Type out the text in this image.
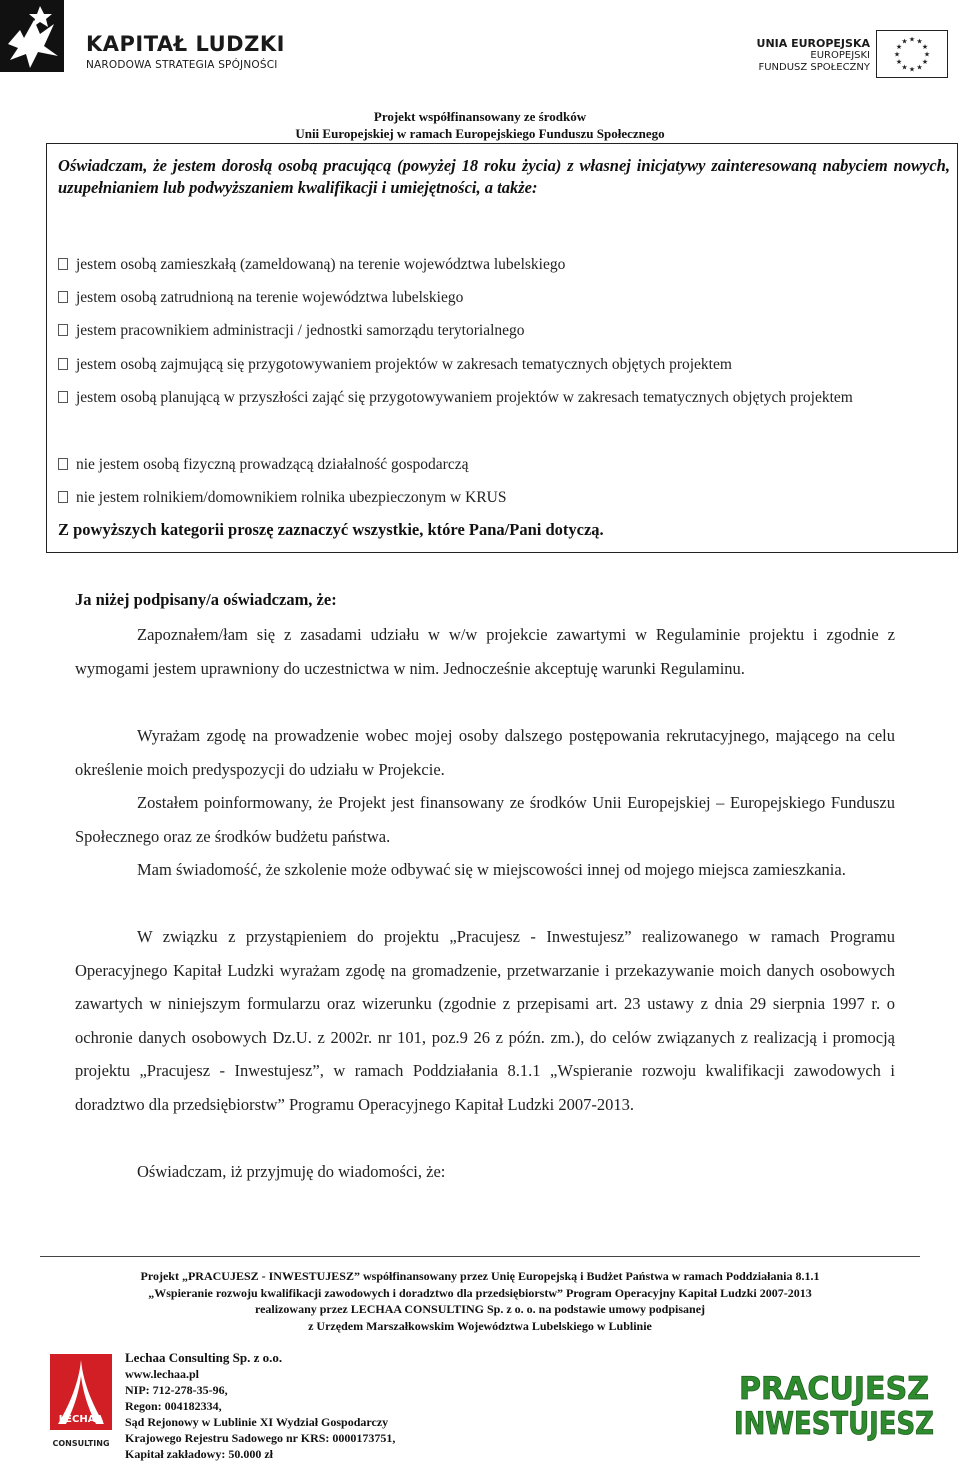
KAPITAŁ LUDZKI
NARODOWA STRATEGIA SPÓJNOŚCI
UNIA EUROPEJSKA
EUROPEJSKI
FUNDUSZ SPOŁECZNY
★
★
★
★
★
★
★
★
★ ★ ★
★
Projekt współfinansowany ze środków
Unii Europejskiej w ramach Europejskiego Funduszu Społecznego
Oświadczam, że jestem dorosłą osobą pracującą (powyżej 18 roku życia) z własnej inicjatywy zainteresowaną nabyciem nowych, uzupełnianiem lub podwyższaniem kwalifikacji i umiejętności, a także:
jestem osobą zamieszkałą (zameldowaną) na terenie województwa lubelskiego
jestem osobą zatrudnioną na terenie województwa lubelskiego
jestem pracownikiem administracji / jednostki samorządu terytorialnego
jestem osobą zajmującą się przygotowywaniem projektów w zakresach tematycznych objętych projektem
jestem osobą planującą w przyszłości zająć się przygotowywaniem projektów w zakresach tematycznych objętych projektem
nie jestem osobą fizyczną prowadzącą działalność gospodarczą
nie jestem rolnikiem/domownikiem rolnika ubezpieczonym w KRUS
Z powyższych kategorii proszę zaznaczyć wszystkie, które Pana/Pani dotyczą.
Ja niżej podpisany/a oświadczam, że:
Zapoznałem/łam się z zasadami udziału w w/w projekcie zawartymi w Regulaminie projektu i zgodnie z wymogami jestem uprawniony do uczestnictwa w nim. Jednocześnie akceptuję warunki Regulaminu.
Wyrażam zgodę na prowadzenie wobec mojej osoby dalszego postępowania rekrutacyjnego, mającego na celu określenie moich predyspozycji do udziału w Projekcie.
Zostałem poinformowany, że Projekt jest finansowany ze środków Unii Europejskiej – Europejskiego Funduszu Społecznego oraz ze środków budżetu państwa.
Mam świadomość, że szkolenie może odbywać się w miejscowości innej od mojego miejsca zamieszkania.
W związku z przystąpieniem do projektu „Pracujesz - Inwestujesz” realizowanego w ramach Programu Operacyjnego Kapitał Ludzki wyrażam zgodę na gromadzenie, przetwarzanie i przekazywanie moich danych osobowych zawartych w niniejszym formularzu oraz wizerunku (zgodnie z przepisami art. 23 ustawy z dnia 29 sierpnia 1997 r. o ochronie danych osobowych Dz.U. z 2002r. nr 101, poz.9 26 z późn. zm.), do celów związanych z realizacją i promocją projektu „Pracujesz - Inwestujesz”, w ramach Poddziałania 8.1.1 „Wspieranie rozwoju kwalifikacji zawodowych i doradztwo dla przedsiębiorstw” Programu Operacyjnego Kapitał Ludzki 2007-2013.
Oświadczam, iż przyjmuję do wiadomości, że:
Projekt „PRACUJESZ - INWESTUJESZ” współfinansowany przez Unię Europejską i Budżet Państwa w ramach Poddziałania 8.1.1
„Wspieranie rozwoju kwalifikacji zawodowych i doradztwo dla przedsiębiorstw” Program Operacyjny Kapitał Ludzki 2007-2013
realizowany przez LECHAA CONSULTING Sp. z o. o. na podstawie umowy podpisanej
z Urzędem Marszałkowskim Województwa Lubelskiego w Lublinie
LECHAA
CONSULTING
Lechaa Consulting Sp. z o.o.
www.lechaa.pl
NIP: 712-278-35-96,
Regon: 004182334,
Sąd Rejonowy w Lublinie XI Wydział Gospodarczy
Krajowego Rejestru Sadowego nr KRS: 0000173751,
Kapitał zakładowy: 50.000 zł
PRACUJESZ
INWESTUJESZ
